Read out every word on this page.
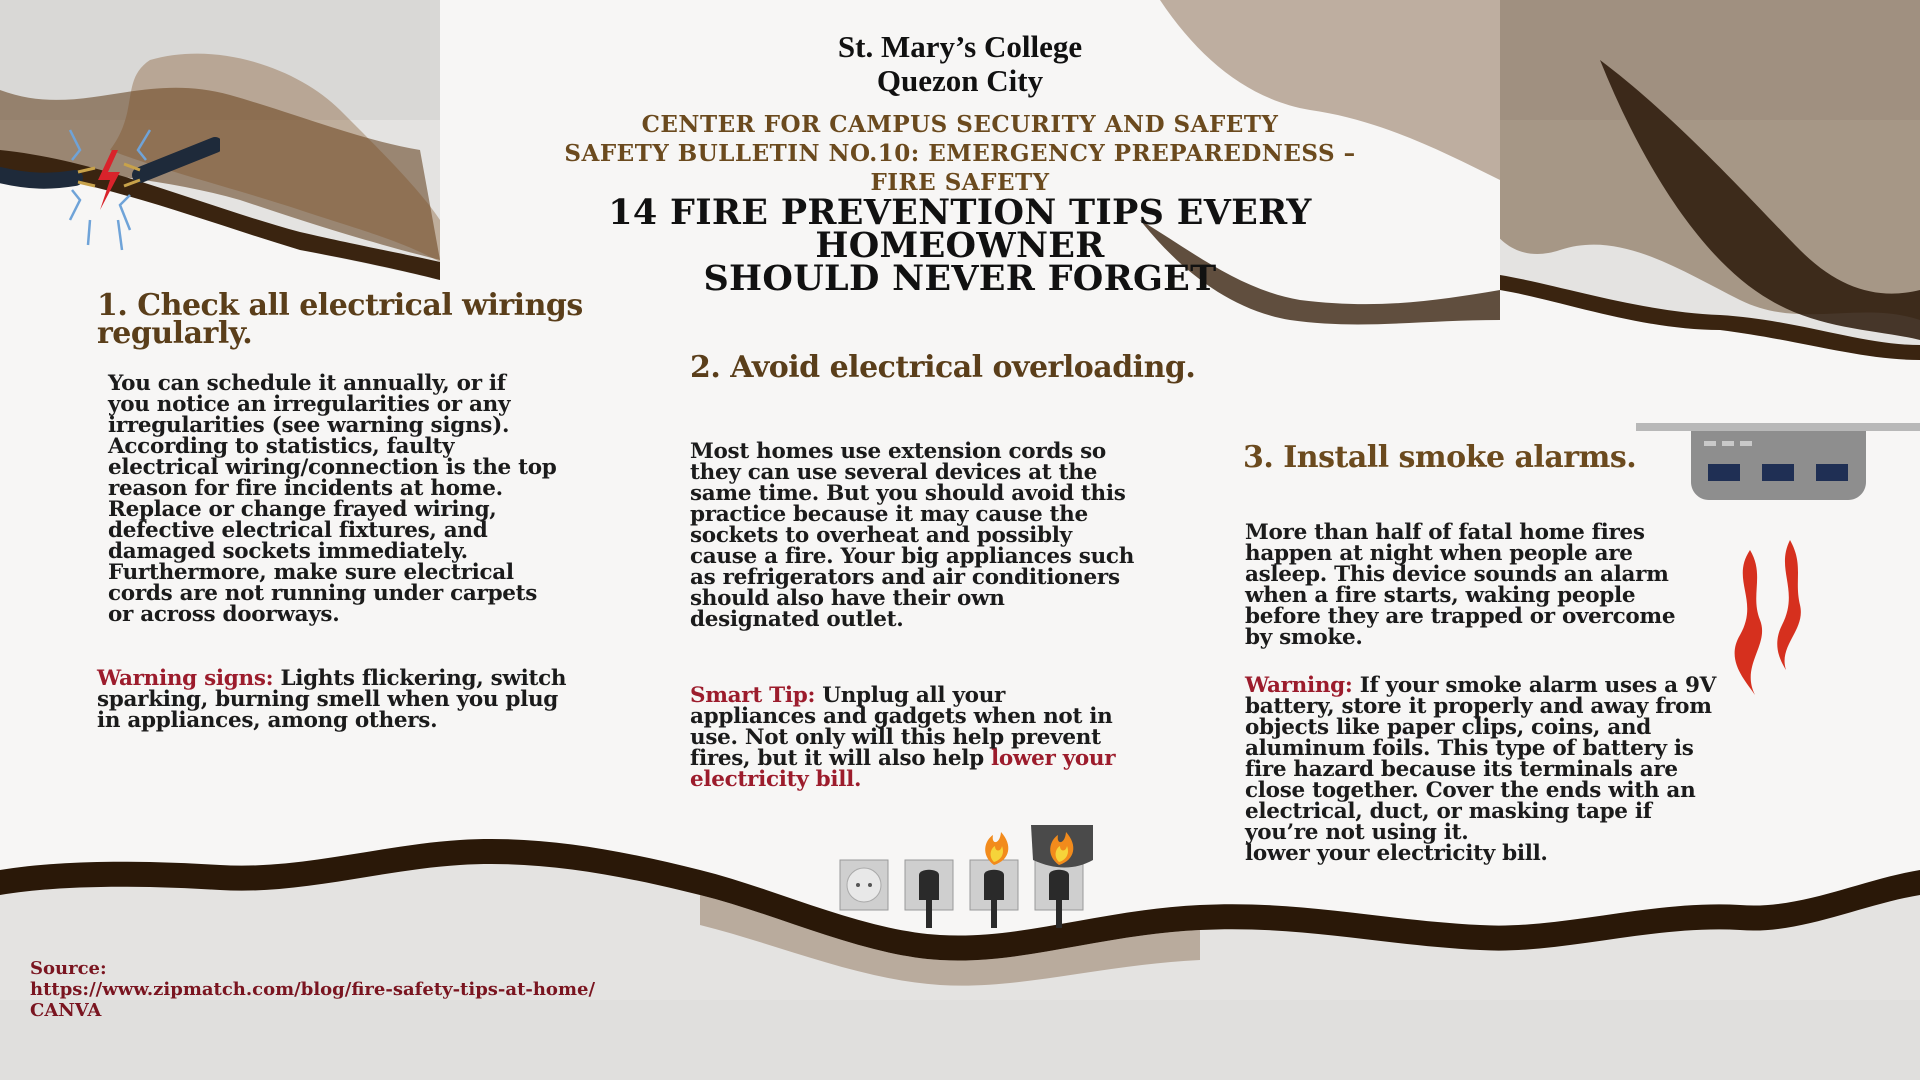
St. Mary’s College
Quezon City
CENTER FOR CAMPUS SECURITY AND SAFETY
SAFETY BULLETIN NO.10: EMERGENCY PREPAREDNESS –
FIRE SAFETY
14 FIRE PREVENTION TIPS EVERY HOMEOWNER
SHOULD NEVER FORGET
1. Check all electrical wirings
regularly.
You can schedule it annually, or if
you notice an irregularities or any
irregularities (see warning signs).
According to statistics, faulty
electrical wiring/connection is the top
reason for fire incidents at home.
Replace or change frayed wiring,
defective electrical fixtures, and
damaged sockets immediately.
Furthermore, make sure electrical
cords are not running under carpets
or across doorways.
Warning signs: Lights flickering, switch
sparking, burning smell when you plug
in appliances, among others.
2. Avoid electrical overloading.
Most homes use extension cords so
they can use several devices at the
same time. But you should avoid this
practice because it may cause the
sockets to overheat and possibly
cause a fire. Your big appliances such
as refrigerators and air conditioners
should also have their own
designated outlet.
Smart Tip: Unplug all your
appliances and gadgets when not in
use. Not only will this help prevent
fires, but it will also help lower your
electricity bill.
3. Install smoke alarms.
More than half of fatal home fires
happen at night when people are
asleep. This device sounds an alarm
when a fire starts, waking people
before they are trapped or overcome
by smoke.
Warning: If your smoke alarm uses a 9V
battery, store it properly and away from
objects like paper clips, coins, and
aluminum foils. This type of battery is
fire hazard because its terminals are
close together. Cover the ends with an
electrical, duct, or masking tape if
you’re not using it.
lower your electricity bill.
Source:
https://www.zipmatch.com/blog/fire-safety-tips-at-home/
CANVA
